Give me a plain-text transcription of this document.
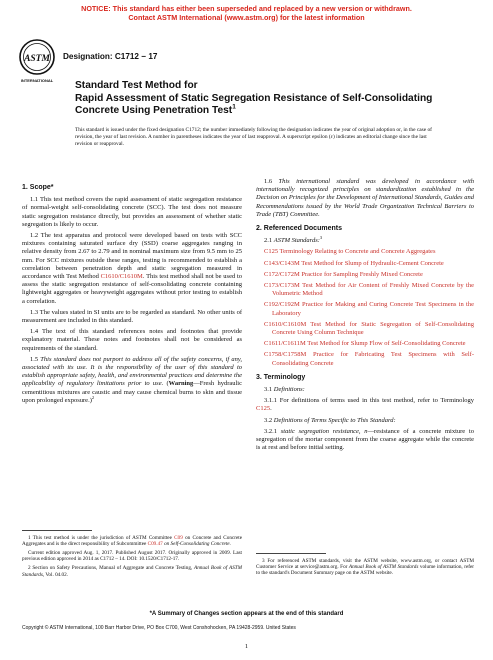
NOTICE: This standard has either been superseded and replaced by a new version or withdrawn.
Contact ASTM International (www.astm.org) for the latest information
ASTM
INTERNATIONAL
Designation: C1712 − 17
Standard Test Method for
Rapid Assessment of Static Segregation Resistance of Self-Consolidating Concrete Using Penetration Test$^1$
This standard is issued under the fixed designation C1712; the number immediately following the designation indicates the year of original adoption or, in the case of revision, the year of last revision. A number in parentheses indicates the year of last reapproval. A superscript epsilon (ε) indicates an editorial change since the last revision or reapproval.
1. Scope*

1.1 This test method covers the rapid assessment of static segregation resistance of normal-weight self-consolidating concrete (SCC). The test does not measure static segregation resistance directly, but provides an assessment of whether static segregation is likely to occur.

1.2 The test apparatus and protocol were developed based on tests with SCC mixtures containing saturated surface dry (SSD) coarse aggregates ranging in relative density from 2.67 to 2.79 and in nominal maximum size from 9.5 mm to 25 mm. For SCC mixtures outside these ranges, testing is recommended to establish a correlation between penetration depth and static segregation measured in accordance with Test Method C1610/C1610M. This test method shall not be used to assess the static segregation resistance of self-consolidating concrete containing lightweight aggregates or heavyweight aggregates without prior testing to establish a correlation.

1.3 The values stated in SI units are to be regarded as standard. No other units of measurement are included in this standard.

1.4 The text of this standard references notes and footnotes that provide explanatory material. These notes and footnotes shall not be considered as requirements of the standard.

1.5 This standard does not purport to address all of the safety concerns, if any, associated with its use. It is the responsibility of the user of this standard to establish appropriate safety, health, and environmental practices and determine the applicability of regulatory limitations prior to use. (Warning—Fresh hydraulic cementitious mixtures are caustic and may cause chemical burns to skin and tissue upon prolonged exposure.)$^2$

1 This test method is under the jurisdiction of ASTM Committee C09 on Concrete and Concrete Aggregates and is the direct responsibility of Subcommittee C09.47 on Self-Consolidating Concrete.

Current edition approved Aug. 1, 2017. Published August 2017. Originally approved in 2009. Last previous edition approved in 2014 as C1712 – 14. DOI: 10.1520/C1712-17.

2 Section on Safety Precautions, Manual of Aggregate and Concrete Testing, Annual Book of ASTM Standards, Vol. 04.02.

1.6 This international standard was developed in accordance with internationally recognized principles on standardization established in the Decision on Principles for the Development of International Standards, Guides and Recommendations issued by the World Trade Organization Technical Barriers to Trade (TBT) Committee.

2. Referenced Documents

2.1 ASTM Standards:$^3$

C125 Terminology Relating to Concrete and Concrete Aggregates

C143/C143M Test Method for Slump of Hydraulic-Cement Concrete

C172/C172M Practice for Sampling Freshly Mixed Concrete

C173/C173M Test Method for Air Content of Freshly Mixed Concrete by the Volumetric Method

C192/C192M Practice for Making and Curing Concrete Test Specimens in the Laboratory

C1610/C1610M Test Method for Static Segregation of Self-Consolidating Concrete Using Column Technique

C1611/C1611M Test Method for Slump Flow of Self-Consolidating Concrete

C1758/C1758M Practice for Fabricating Test Specimens with Self-Consolidating Concrete

3. Terminology

3.1 Definitions:

3.1.1 For definitions of terms used in this test method, refer to Terminology C125.

3.2 Definitions of Terms Specific to This Standard:

3.2.1 static segregation resistance, n—resistance of a concrete mixture to segregation of the mortar component from the coarse aggregate while the concrete is at rest and before initial setting.

3 For referenced ASTM standards, visit the ASTM website, www.astm.org, or contact ASTM Customer Service at service@astm.org. For Annual Book of ASTM Standards volume information, refer to the standard's Document Summary page on the ASTM website.

*A Summary of Changes section appears at the end of this standard
Copyright © ASTM International, 100 Barr Harbor Drive, PO Box C700, West Conshohocken, PA 19428-2959. United States
1
